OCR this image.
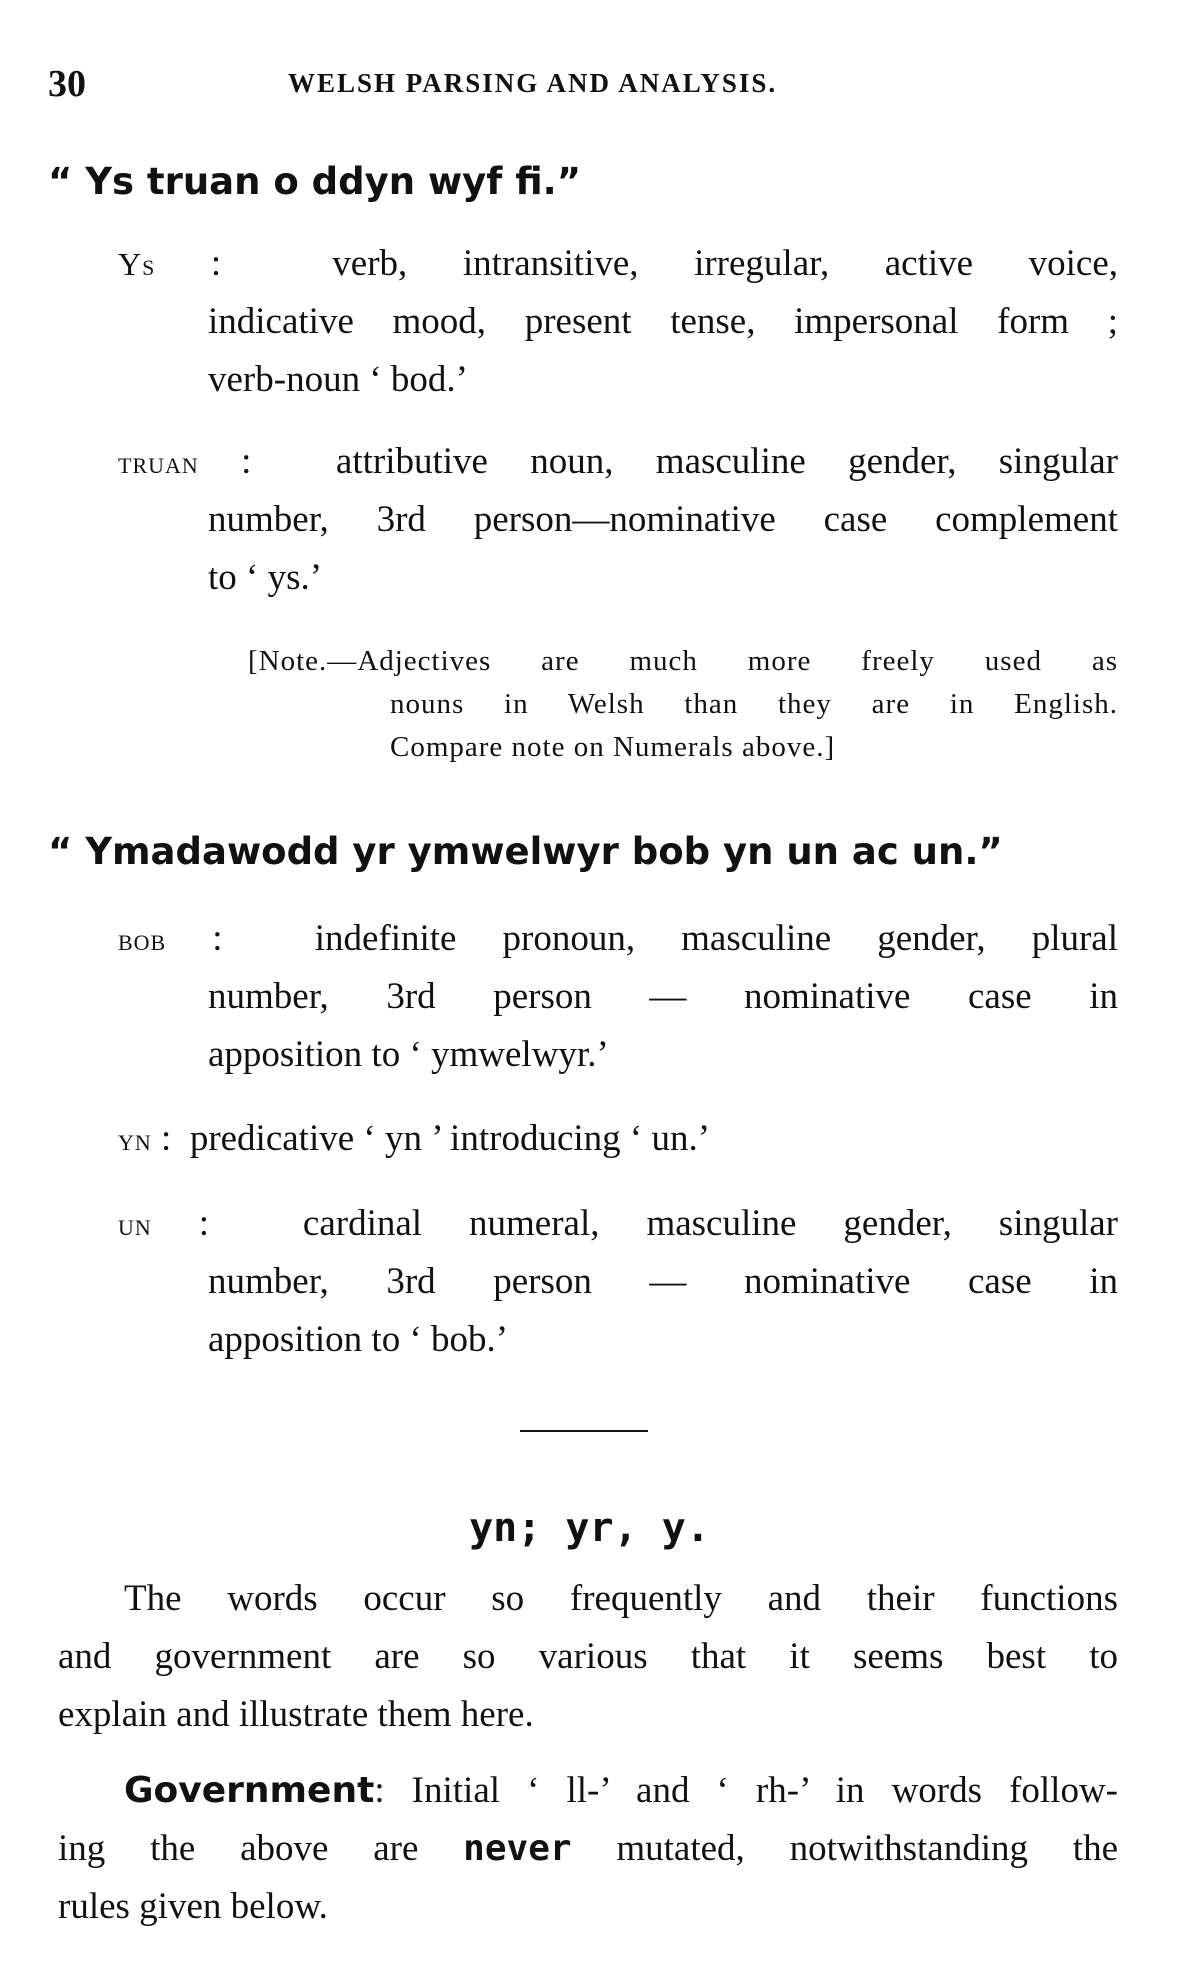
30	WELSH PARSING AND ANALYSIS.
“ Ys truan o ddyn wyf fi.”
Ys :  verb, intransitive, irregular, active voice,
indicative mood, present tense, impersonal form ;
verb-noun ‘ bod.’
truan :  attributive noun, masculine gender, singular
number, 3rd person—nominative case complement
to ‘ ys.’
[Note.—Adjectives are much more freely used as
nouns in Welsh than they are in English.
Compare note on Numerals above.]
“ Ymadawodd yr ymwelwyr bob yn un ac un.”
bob :  indefinite pronoun, masculine gender, plural
number, 3rd person — nominative case in
apposition to ‘ ymwelwyr.’
yn :  predicative ‘ yn ’ introducing ‘ un.’
un :  cardinal numeral, masculine gender, singular
number, 3rd person — nominative case in
apposition to ‘ bob.’
yn; yr, y.
The words occur so frequently and their functions
and government are so various that it seems best to
explain and illustrate them here.
Government: Initial ‘ ll-’ and ‘ rh-’ in words follow-
ing the above are never mutated, notwithstanding the
rules given below.
